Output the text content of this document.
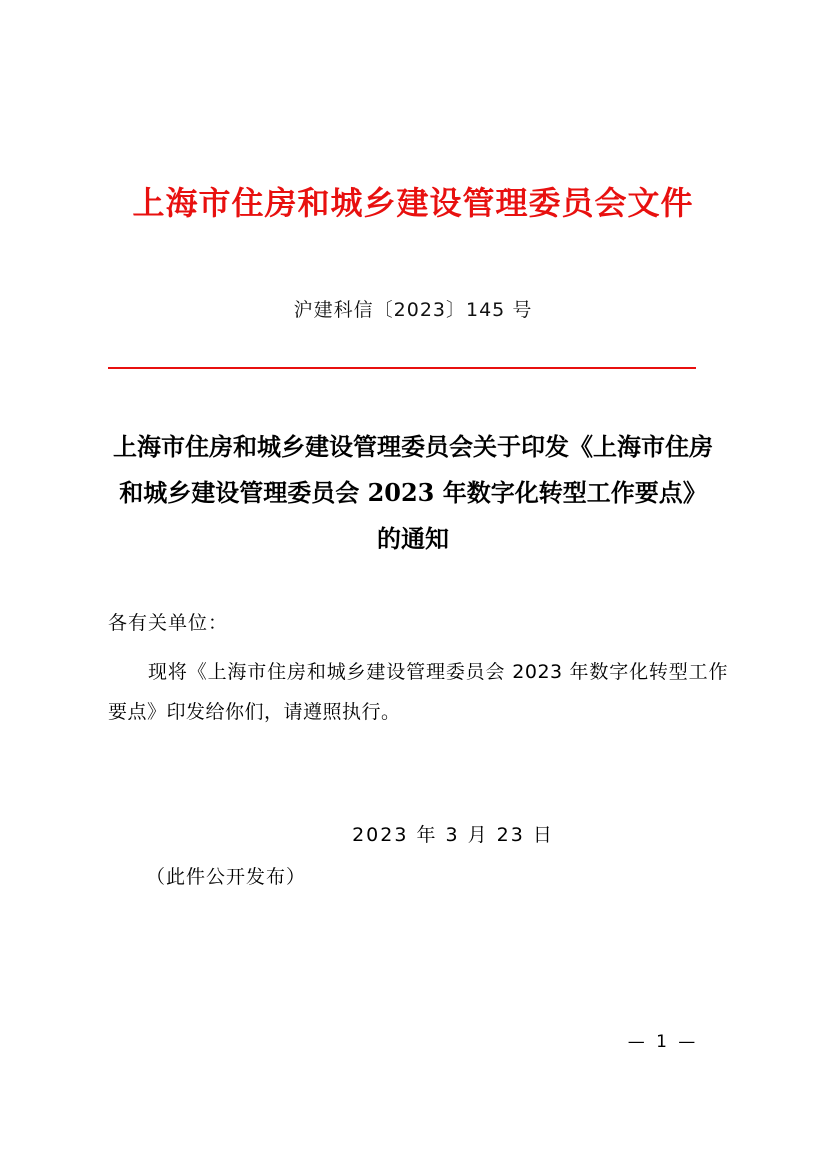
上海市住房和城乡建设管理委员会文件
沪建科信〔2023〕145 号
上海市住房和城乡建设管理委员会关于印发《上海市住房和城乡建设管理委员会 2023 年数字化转型工作要点》的通知
各有关单位：
现将《上海市住房和城乡建设管理委员会 2023 年数字化转型工作要点》印发给你们，请遵照执行。
2023 年 3 月 23 日
（此件公开发布）
— 1 —
